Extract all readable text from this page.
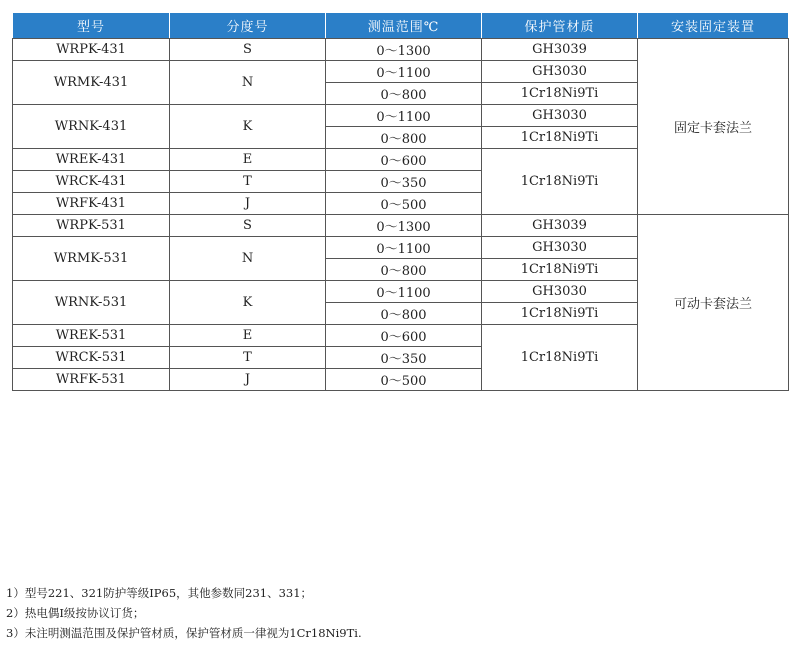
型号	分度号	测温范围℃	保护管材质	安装固定装置
WRPK-431	S	0～1300	GH3039	固定卡套法兰

WRMK-431	N	0～1100	GH3030	
		0～800	1Cr18Ni9Ti	
WRNK-431	K	0～1100	GH3030	
		0～800	1Cr18Ni9Ti	
WREK-431	E	0～600	1Cr18Ni9Ti	

WRCK-431	T	0～350		

WRFK-431	J	0～500		

WRPK-531	S	0～1300	GH3039	可动卡套法兰

WRMK-531	N	0～1100	GH3030	
		0～800	1Cr18Ni9Ti	
WRNK-531	K	0～1100	GH3030	
		0～800	1Cr18Ni9Ti	
WREK-531	E	0～600	1Cr18Ni9Ti	

WRCK-531	T	0～350		

WRFK-531	J	0～500		

1）型号221、321防护等级IP65，其他参数同231、331；
2）热电偶I级按协议订货；
3）未注明测温范围及保护管材质，保护管材质一律视为1Cr18Ni9Ti.
